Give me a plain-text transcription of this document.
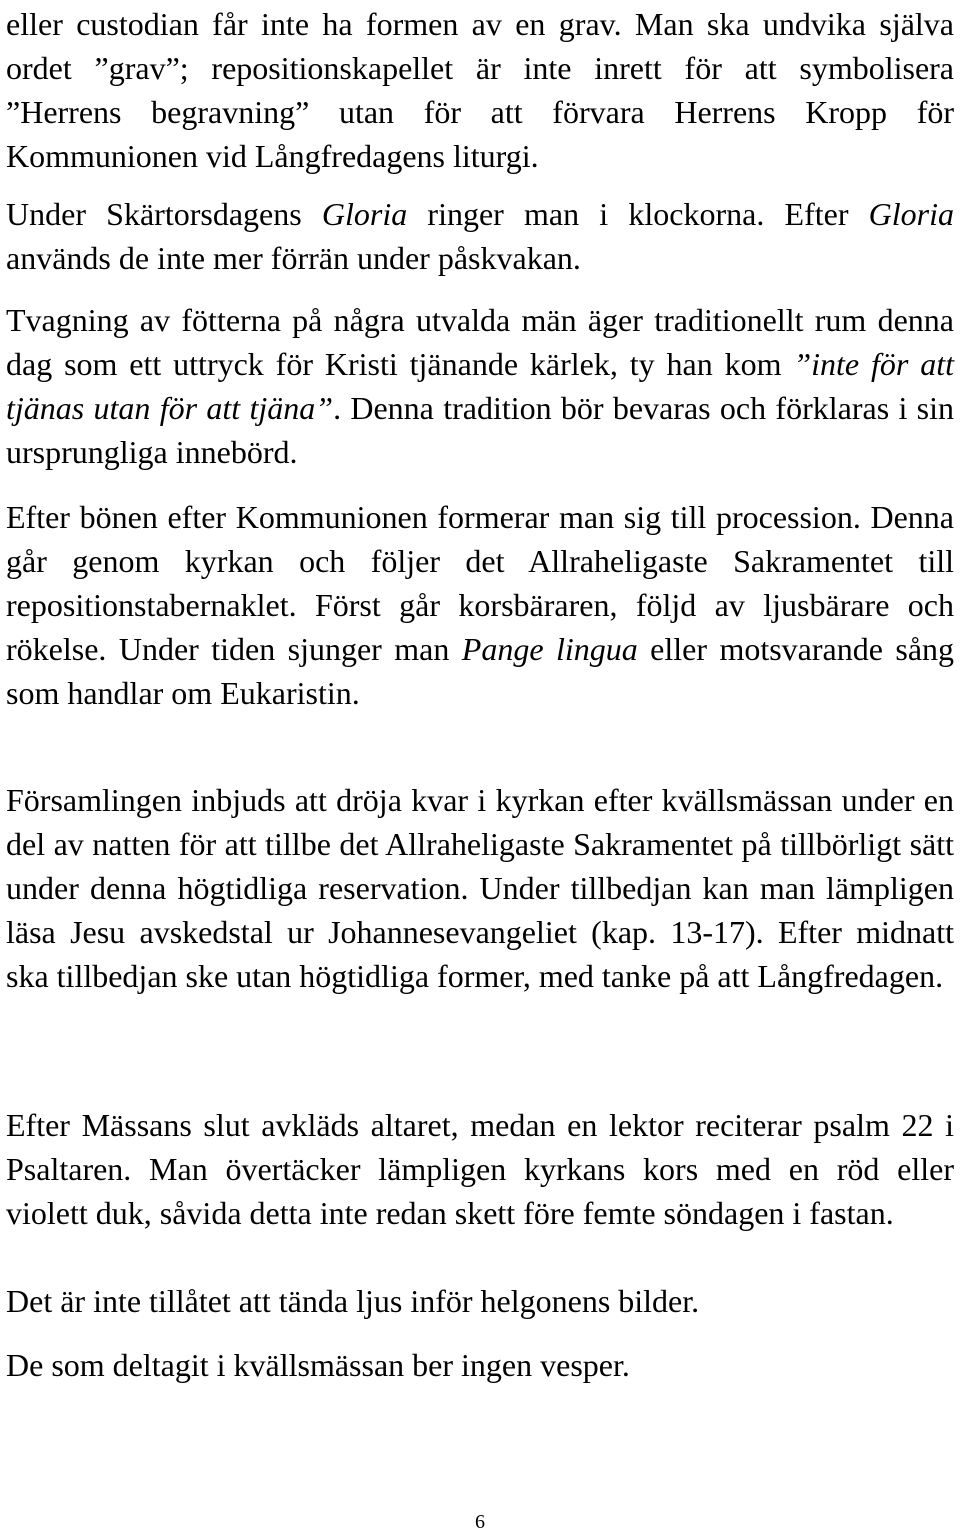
eller custodian får inte ha formen av en grav. Man ska undvika själva ordet ”grav”; repositionskapellet är inte inrett för att symbolisera ”Herrens begravning” utan för att förvara Herrens Kropp för Kommunionen vid Långfredagens liturgi.

Under Skärtorsdagens Gloria ringer man i klockorna. Efter Gloria används de inte mer förrän under påskvakan.

Tvagning av fötterna på några utvalda män äger traditionellt rum denna dag som ett uttryck för Kristi tjänande kärlek, ty han kom ”inte för att tjänas utan för att tjäna”. Denna tradition bör bevaras och förklaras i sin ursprungliga innebörd.

Efter bönen efter Kommunionen formerar man sig till procession. Denna går genom kyrkan och följer det Allraheligaste Sakramentet till repositionstabernaklet. Först går korsbäraren, följd av ljusbärare och rökelse. Under tiden sjunger man Pange lingua eller motsvarande sång som handlar om Eukaristin.

Församlingen inbjuds att dröja kvar i kyrkan efter kvällsmässan under en del av natten för att tillbe det Allraheligaste Sakramentet på tillbörligt sätt under denna högtidliga reservation. Under tillbedjan kan man lämpligen läsa Jesu avskedstal ur Johannesevangeliet (kap. 13-17). Efter midnatt ska tillbedjan ske utan högtidliga former, med tanke på att Långfredagen.

Efter Mässans slut avkläds altaret, medan en lektor reciterar psalm 22 i Psaltaren. Man övertäcker lämpligen kyrkans kors med en röd eller violett duk, såvida detta inte redan skett före femte söndagen i fastan.

Det är inte tillåtet att tända ljus inför helgonens bilder.

De som deltagit i kvällsmässan ber ingen vesper.

6
